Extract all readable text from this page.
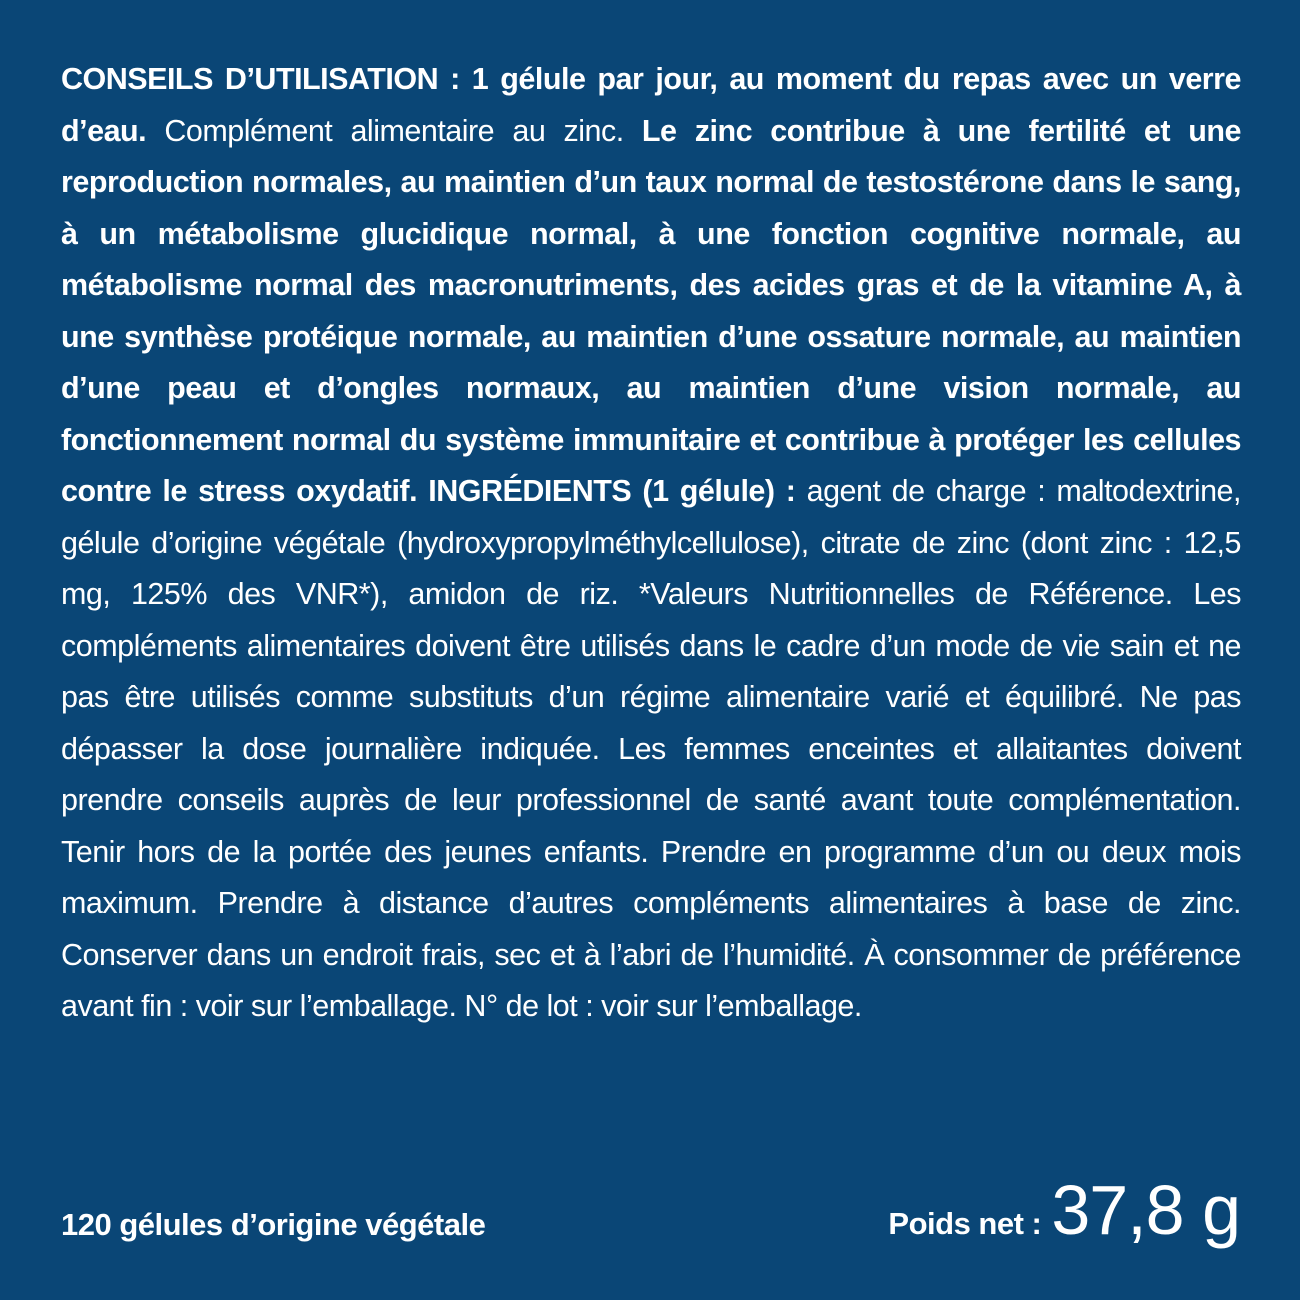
CONSEILS D’UTILISATION : 1 gélule par jour, au moment du repas avec un verre d’eau. Complément alimentaire au zinc. Le zinc contribue à une fertilité et une reproduction normales, au maintien d’un taux normal de testostérone dans le sang, à un métabolisme glucidique normal, à une fonction cognitive normale, au métabolisme normal des macronutriments, des acides gras et de la vitamine A, à une synthèse protéique normale, au maintien d’une ossature normale, au maintien d’une peau et d’ongles normaux, au maintien d’une vision normale, au fonctionnement normal du système immunitaire et contribue à protéger les cellules contre le stress oxydatif. INGRÉDIENTS (1 gélule) : agent de charge : maltodextrine, gélule d’origine végétale (hydroxypropylméthylcellulose), citrate de zinc (dont zinc : 12,5 mg, 125% des VNR*), amidon de riz. *Valeurs Nutritionnelles de Référence. Les compléments alimentaires doivent être utilisés dans le cadre d’un mode de vie sain et ne pas être utilisés comme substituts d’un régime alimentaire varié et équilibré. Ne pas dépasser la dose journalière indiquée. Les femmes enceintes et allaitantes doivent prendre conseils auprès de leur professionnel de santé avant toute complémentation. Tenir hors de la portée des jeunes enfants. Prendre en programme d’un ou deux mois maximum. Prendre à distance d’autres compléments alimentaires à base de zinc. Conserver dans un endroit frais, sec et à l’abri de l’humidité. À consommer de préférence avant fin : voir sur l’emballage. N° de lot : voir sur l’emballage.

120 gélules d’origine végétale	Poids net : 37,8 g
